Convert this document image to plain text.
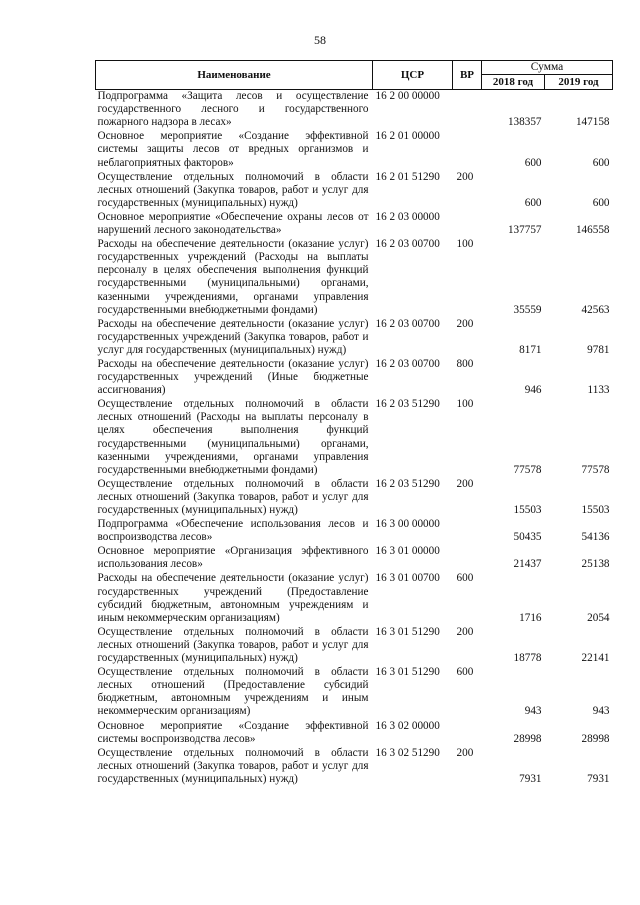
58
Наименование	ЦСР	ВР	Сумма	
			2018 год	2019 год
Подпрограмма «Защита лесов и осуществление государственного лесного и государственного пожарного надзора в лесах»	16 2 00 00000		138357	147158
Основное мероприятие «Создание эффективной системы защиты лесов от вредных организмов и неблагоприятных факторов»	16 2 01 00000		600	600
Осуществление отдельных полномочий в области лесных отношений (Закупка товаров, работ и услуг для государственных (муниципальных) нужд)	16 2 01 51290	200	600	600
Основное мероприятие «Обеспечение охраны лесов от нарушений лесного законодательства»	16 2 03 00000		137757	146558
Расходы на обеспечение деятельности (оказание услуг) государственных учреждений (Расходы на выплаты персоналу в целях обеспечения выполнения функций государственными (муниципальными) органами, казенными учреждениями, органами управления государственными внебюджетными фондами)	16 2 03 00700	100	35559	42563
Расходы на обеспечение деятельности (оказание услуг) государственных учреждений (Закупка товаров, работ и услуг для государственных (муниципальных) нужд)	16 2 03 00700	200	8171	9781
Расходы на обеспечение деятельности (оказание услуг) государственных учреждений (Иные бюджетные ассигнования)	16 2 03 00700	800	946	1133
Осуществление отдельных полномочий в области лесных отношений (Расходы на выплаты персоналу в целях обеспечения выполнения функций государственными (муниципальными) органами, казенными учреждениями, органами управления государственными внебюджетными фондами)	16 2 03 51290	100	77578	77578
Осуществление отдельных полномочий в области лесных отношений (Закупка товаров, работ и услуг для государственных (муниципальных) нужд)	16 2 03 51290	200	15503	15503
Подпрограмма «Обеспечение использования лесов и воспроизводства лесов»	16 3 00 00000		50435	54136
Основное мероприятие «Организация эффективного использования лесов»	16 3 01 00000		21437	25138
Расходы на обеспечение деятельности (оказание услуг) государственных учреждений (Предоставление субсидий бюджетным, автономным учреждениям и иным некоммерческим организациям)	16 3 01 00700	600	1716	2054
Осуществление отдельных полномочий в области лесных отношений (Закупка товаров, работ и услуг для государственных (муниципальных) нужд)	16 3 01 51290	200	18778	22141
Осуществление отдельных полномочий в области лесных отношений (Предоставление субсидий бюджетным, автономным учреждениям и иным некоммерческим организациям)	16 3 01 51290	600	943	943
Основное мероприятие «Создание эффективной системы воспроизводства лесов»	16 3 02 00000		28998	28998
Осуществление отдельных полномочий в области лесных отношений (Закупка товаров, работ и услуг для государственных (муниципальных) нужд)	16 3 02 51290	200	7931	7931
